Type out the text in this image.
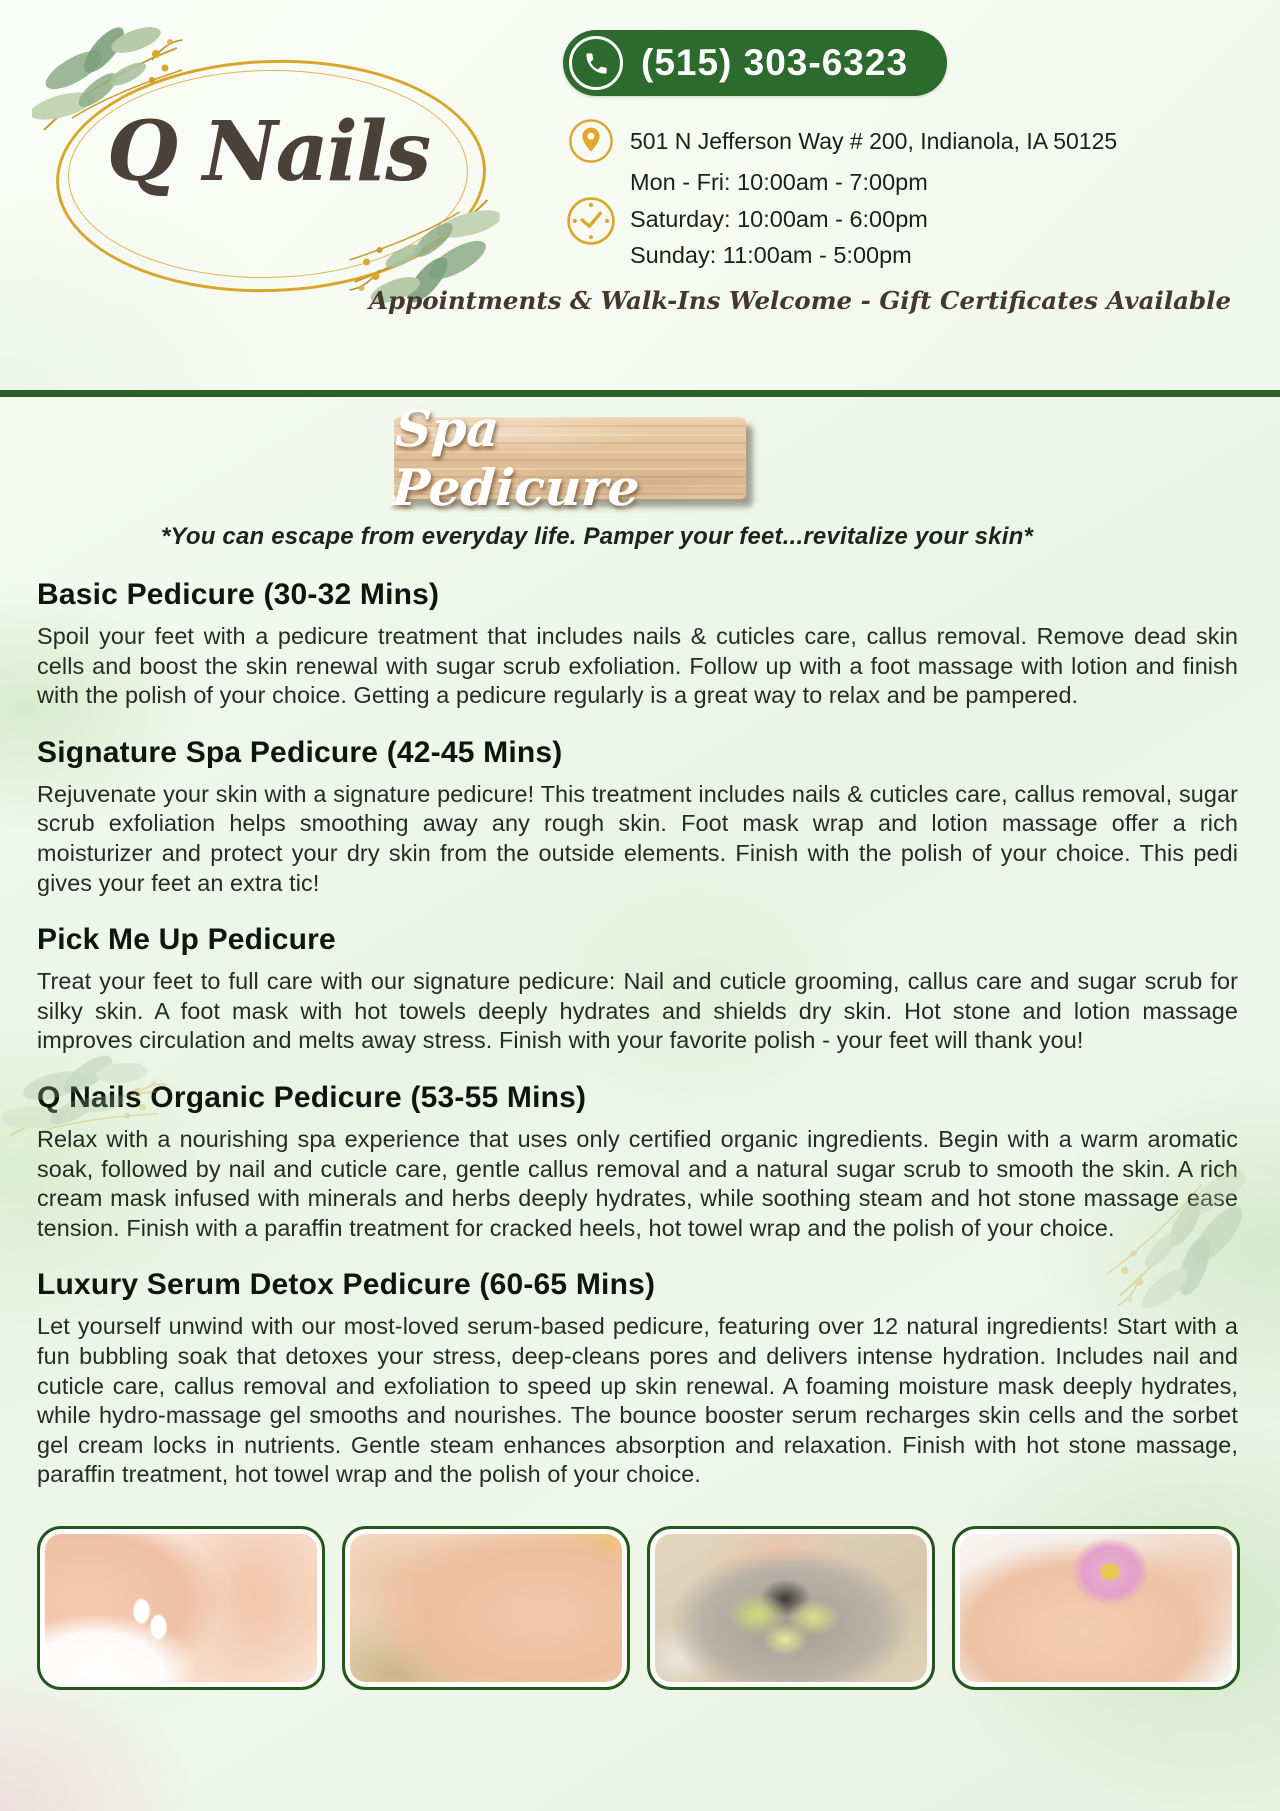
Q Nails
(515) 303-6323
501 N Jefferson Way # 200, Indianola, IA 50125
Mon - Fri: 10:00am - 7:00pm
Saturday: 10:00am - 6:00pm
Sunday: 11:00am - 5:00pm
Appointments & Walk-Ins Welcome - Gift Certificates Available
Spa Pedicure
*You can escape from everyday life. Pamper your feet...revitalize your skin*
Basic Pedicure (30-32 Mins)

Spoil your feet with a pedicure treatment that includes nails & cuticles care, callus removal. Remove dead skin cells and boost the skin renewal with sugar scrub exfoliation. Follow up with a foot massage with lotion and finish with the polish of your choice. Getting a pedicure regularly is a great way to relax and be pampered.

Signature Spa Pedicure (42-45 Mins)

Rejuvenate your skin with a signature pedicure! This treatment includes nails & cuticles care, callus removal, sugar scrub exfoliation helps smoothing away any rough skin. Foot mask wrap and lotion massage offer a rich moisturizer and protect your dry skin from the outside elements. Finish with the polish of your choice. This pedi gives your feet an extra tic!

Pick Me Up Pedicure

Treat your feet to full care with our signature pedicure: Nail and cuticle grooming, callus care and sugar scrub for silky skin. A foot mask with hot towels deeply hydrates and shields dry skin. Hot stone and lotion massage improves circulation and melts away stress. Finish with your favorite polish - your feet will thank you!

Q Nails Organic Pedicure (53-55 Mins)

Relax with a nourishing spa experience that uses only certified organic ingredients. Begin with a warm aromatic soak, followed by nail and cuticle care, gentle callus removal and a natural sugar scrub to smooth the skin. A rich cream mask infused with minerals and herbs deeply hydrates, while soothing steam and hot stone massage ease tension. Finish with a paraffin treatment for cracked heels, hot towel wrap and the polish of your choice.

Luxury Serum Detox Pedicure (60-65 Mins)

Let yourself unwind with our most-loved serum-based pedicure, featuring over 12 natural ingredients! Start with a fun bubbling soak that detoxes your stress, deep-cleans pores and delivers intense hydration. Includes nail and cuticle care, callus removal and exfoliation to speed up skin renewal. A foaming moisture mask deeply hydrates, while hydro-massage gel smooths and nourishes. The bounce booster serum recharges skin cells and the sorbet gel cream locks in nutrients. Gentle steam enhances absorption and relaxation. Finish with hot stone massage, paraffin treatment, hot towel wrap and the polish of your choice.
